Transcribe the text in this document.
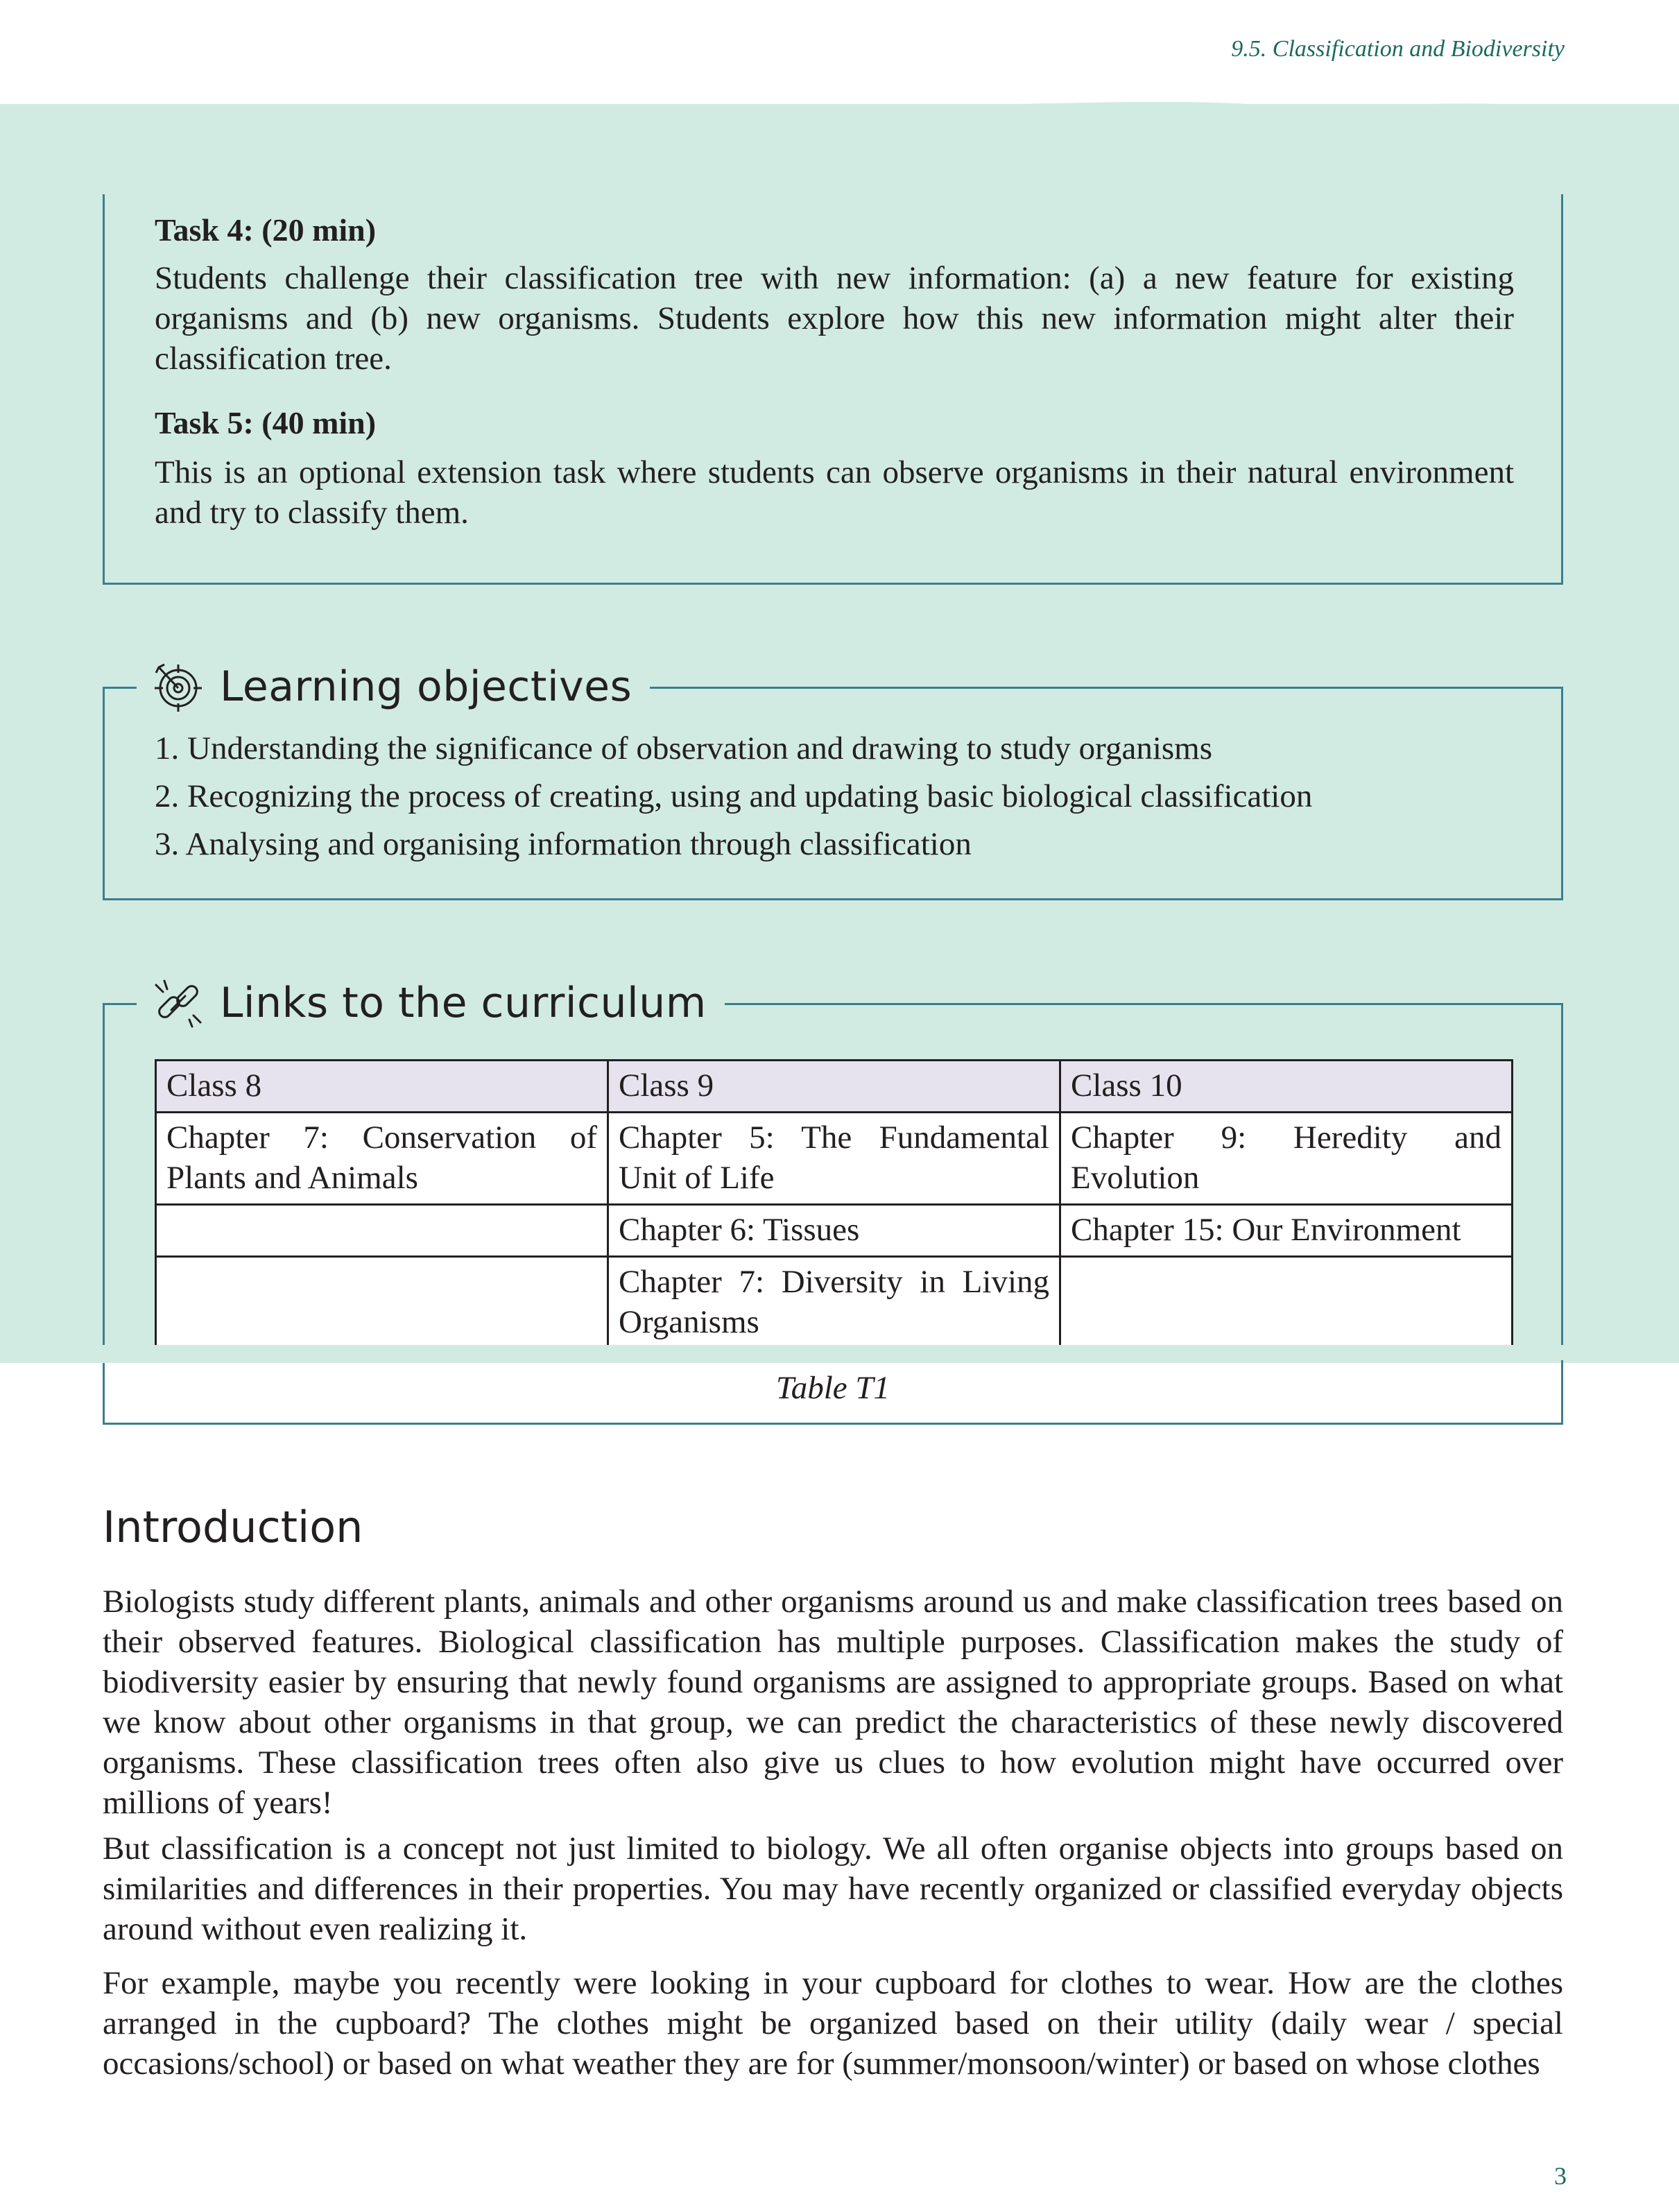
9.5. Classification and Biodiversity
Task 4: (20 min)
Students challenge their classification tree with new information: (a) a new feature for existing organisms and (b) new organisms. Students explore how this new information might alter their classification tree.
Task 5: (40 min)
This is an optional extension task where students can observe organisms in their natural environment and try to classify them.
Learning objectives
1. Understanding the significance of observation and drawing to study organisms
2. Recognizing the process of creating, using and updating basic biological classification
3. Analysing and organising information through classification
Links to the curriculum
Class 8	Class 9	Class 10
Chapter 7: Conservation of Plants and Animals	Chapter 5: The Fundamental Unit of Life	Chapter 9: Heredity and Evolution
	Chapter 6: Tissues	Chapter 15: Our Environment
	Chapter 7: Diversity in Living Organisms	
Table T1
Introduction
Biologists study different plants, animals and other organisms around us and make classification trees based on their observed features. Biological classification has multiple purposes. Classification makes the study of biodiversity easier by ensuring that newly found organisms are assigned to appropriate groups. Based on what we know about other organisms in that group, we can predict the characteristics of these newly discovered organisms. These classification trees often also give us clues to how evolution might have occurred over millions of years!
But classification is a concept not just limited to biology. We all often organise objects into groups based on similarities and differences in their properties. You may have recently organized or classified everyday objects around without even realizing it.
For example, maybe you recently were looking in your cupboard for clothes to wear. How are the clothes arranged in the cupboard? The clothes might be organized based on their utility (daily wear / special occasions/school) or based on what weather they are for (summer/monsoon/winter) or based on whose clothes
3
